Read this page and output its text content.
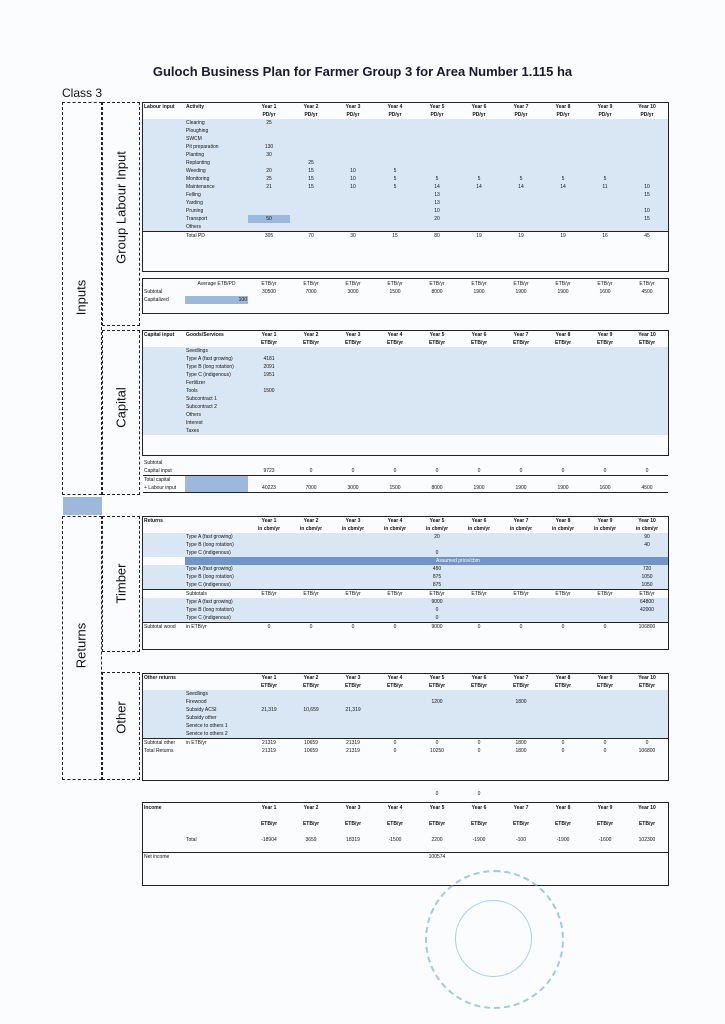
Guloch Business Plan for Farmer Group 3 for Area Number 1.115 ha
Class 3
Inputs
Returns
Group Labour Input
Capital
Timber
Other
Labour input	Activity	Year 1	Year 2	Year 3	Year 4	Year 5	Year 6	Year 7	Year 8	Year 9	Year 10
		PD/yr	PD/yr	PD/yr	PD/yr	PD/yr	PD/yr	PD/yr	PD/yr	PD/yr	PD/yr
	Clearing	25									
	Ploughing										
	SWCM										
	Pit preparation	130									
	Planting	30									
	Replanting		25								
	Weeding	20	15	10	5						
	Monitoring	25	15	10	5	5	5	5	5	5	
	Maintenance	21	15	10	5	14	14	14	14	11	10
	Felling					13					15
	Yarding					13					
	Pruning					10					10
	Transport	50				20					15
	Others										
	Total PD	305	70	30	15	80	19	19	19	16	45
	Average ETB/PD	ETB/yr	ETB/yr	ETB/yr	ETB/yr	ETB/yr	ETB/yr	ETB/yr	ETB/yr	ETB/yr	ETB/yr
Subtotal		30500	7000	3000	1500	8000	1900	1900	1900	1600	4500
Capitalized	100										
Capital input	Goods/Services	Year 1	Year 2	Year 3	Year 4	Year 5	Year 6	Year 7	Year 8	Year 9	Year 10
		ETB/yr	ETB/yr	ETB/yr	ETB/yr	ETB/yr	ETB/yr	ETB/yr	ETB/yr	ETB/yr	ETB/yr
	Seedlings										
	Type A (fast growing)	4181									
	Type B (long rotation)	2091									
	Type C (indigenous)	1951									
	Fertilizer										
	Tools	1500									
	Subcontract 1										
	Subcontract 2										
	Others										
	Interest										
	Taxes										
Subtotal											
Capital input		9723	0	0	0	0	0	0	0	0	0
Total capital											
+ Labour input		40223	7000	3000	1500	8000	1900	1900	1900	1600	4500
Returns		Year 1	Year 2	Year 3	Year 4	Year 5	Year 6	Year 7	Year 8	Year 9	Year 10
		in cbm/yr	in cbm/yr	in cbm/yr	in cbm/yr	in cbm/yr	in cbm/yr	in cbm/yr	in cbm/yr	in cbm/yr	in cbm/yr
	Type A (fast growing)					20					90
	Type B (long rotation)										40
	Type C (indigenous)					0					
		Assumed price/cbm									
	Type A (fast growing)					450					720
	Type B (long rotation)					875					1050
	Type C (indigenous)					875					1050
	Subtotals	ETB/yr	ETB/yr	ETB/yr	ETB/yr	ETB/yr	ETB/yr	ETB/yr	ETB/yr	ETB/yr	ETB/yr
	Type A (fast growing)					9000					64800
	Type B (long rotation)					0					42000
	Type C (indigenous)					0					
Subtotal wood	in ETB/yr	0	0	0	0	9000	0	0	0	0	106800
Other returns		Year 1	Year 2	Year 3	Year 4	Year 5	Year 6	Year 7	Year 8	Year 9	Year 10
		ETB/yr	ETB/yr	ETB/yr	ETB/yr	ETB/yr	ETB/yr	ETB/yr	ETB/yr	ETB/yr	ETB/yr
	Seedlings										
	Firewood					1200		1800			
	Subsidy ACSI	21,319	10,659	21,319							
	Subsidy other										
	Service to others 1										
	Service to others 2										
Subtotal other	in ETB/yr	21319	10659	21319	0	0	0	1800	0	0	0
Total Returns		21319	10659	21319	0	10250	0	1800	0	0	106800
						0	0				
Income		Year 1	Year 2	Year 3	Year 4	Year 5	Year 6	Year 7	Year 8	Year 9	Year 10

		ETB/yr	ETB/yr	ETB/yr	ETB/yr	ETB/yr	ETB/yr	ETB/yr	ETB/yr	ETB/yr	ETB/yr

	Total	-18904	3659	18319	-1500	2200	-1900	-100	-1900	-1600	102300

Net income						100574					
